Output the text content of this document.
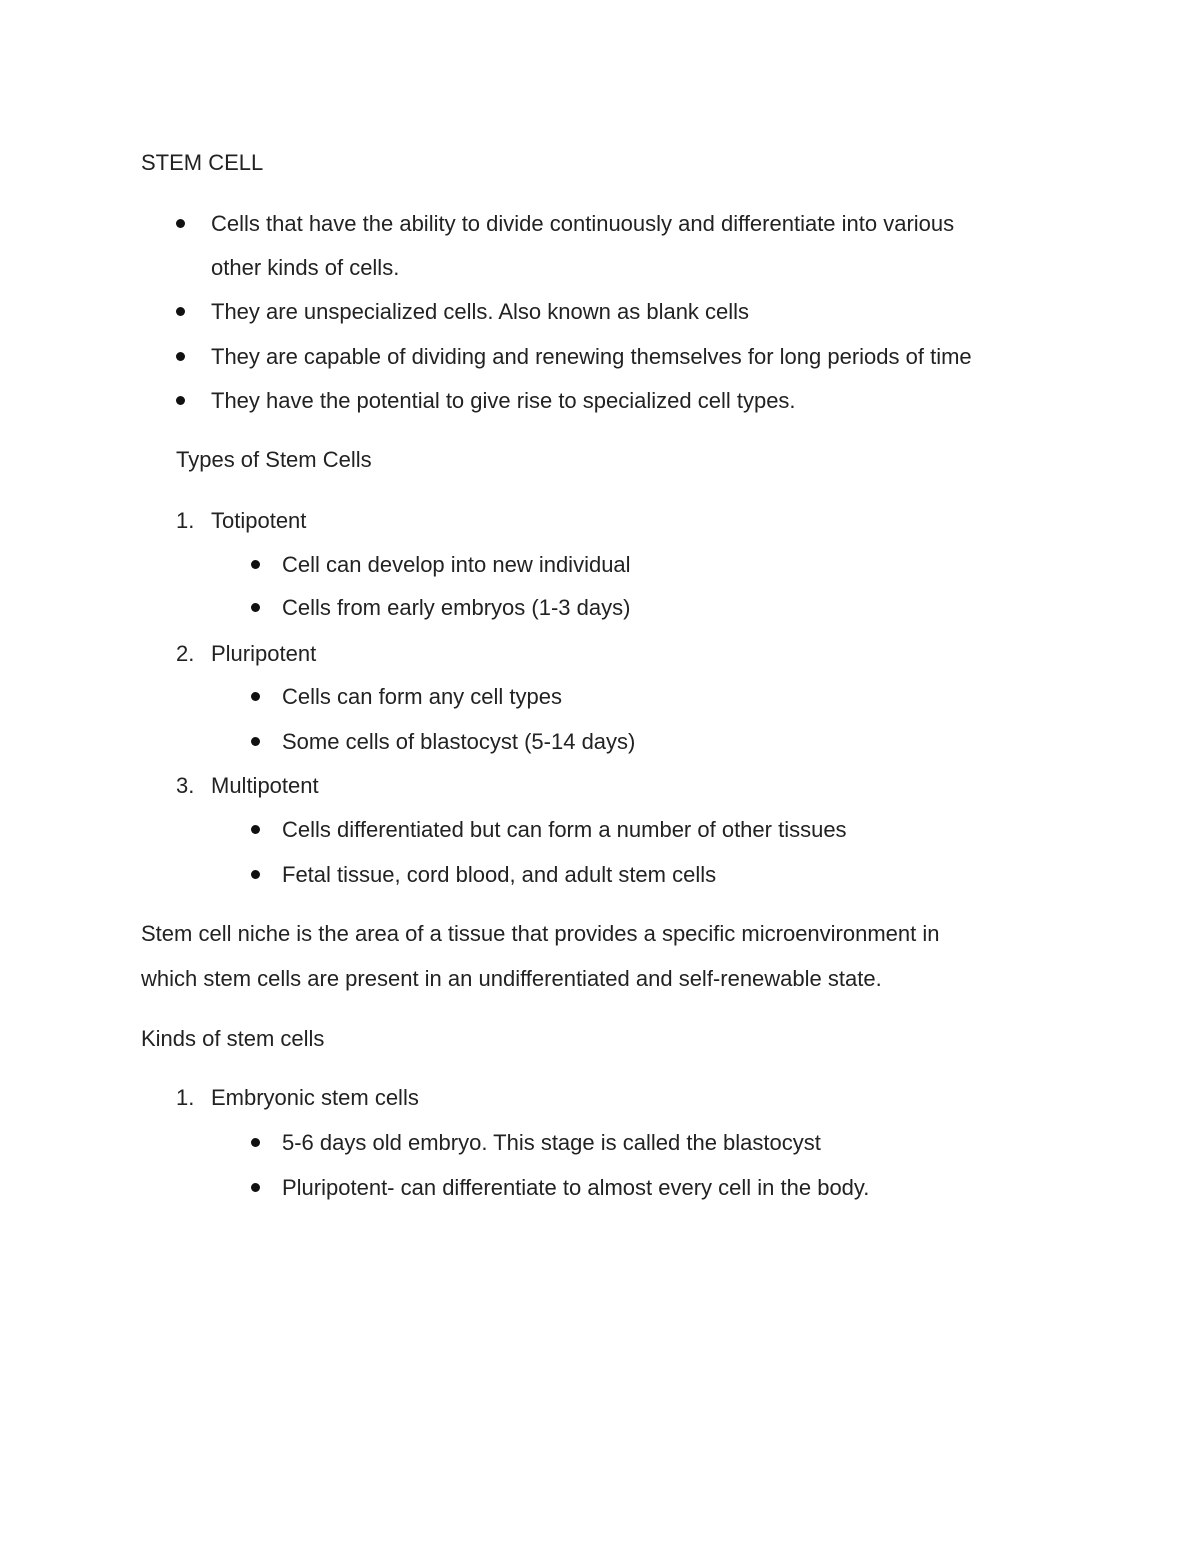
STEM CELL
Cells that have the ability to divide continuously and differentiate into various
other kinds of cells.
They are unspecialized cells. Also known as blank cells
They are capable of dividing and renewing themselves for long periods of time
They have the potential to give rise to specialized cell types.
Types of Stem Cells
1. Totipotent
Cell can develop into new individual
Cells from early embryos (1-3 days)
2. Pluripotent
Cells can form any cell types
Some cells of blastocyst (5-14 days)
3. Multipotent
Cells differentiated but can form a number of other tissues
Fetal tissue, cord blood, and adult stem cells
Stem cell niche is the area of a tissue that provides a specific microenvironment in
which stem cells are present in an undifferentiated and self-renewable state.
Kinds of stem cells
1. Embryonic stem cells
5-6 days old embryo. This stage is called the blastocyst
Pluripotent- can differentiate to almost every cell in the body.
